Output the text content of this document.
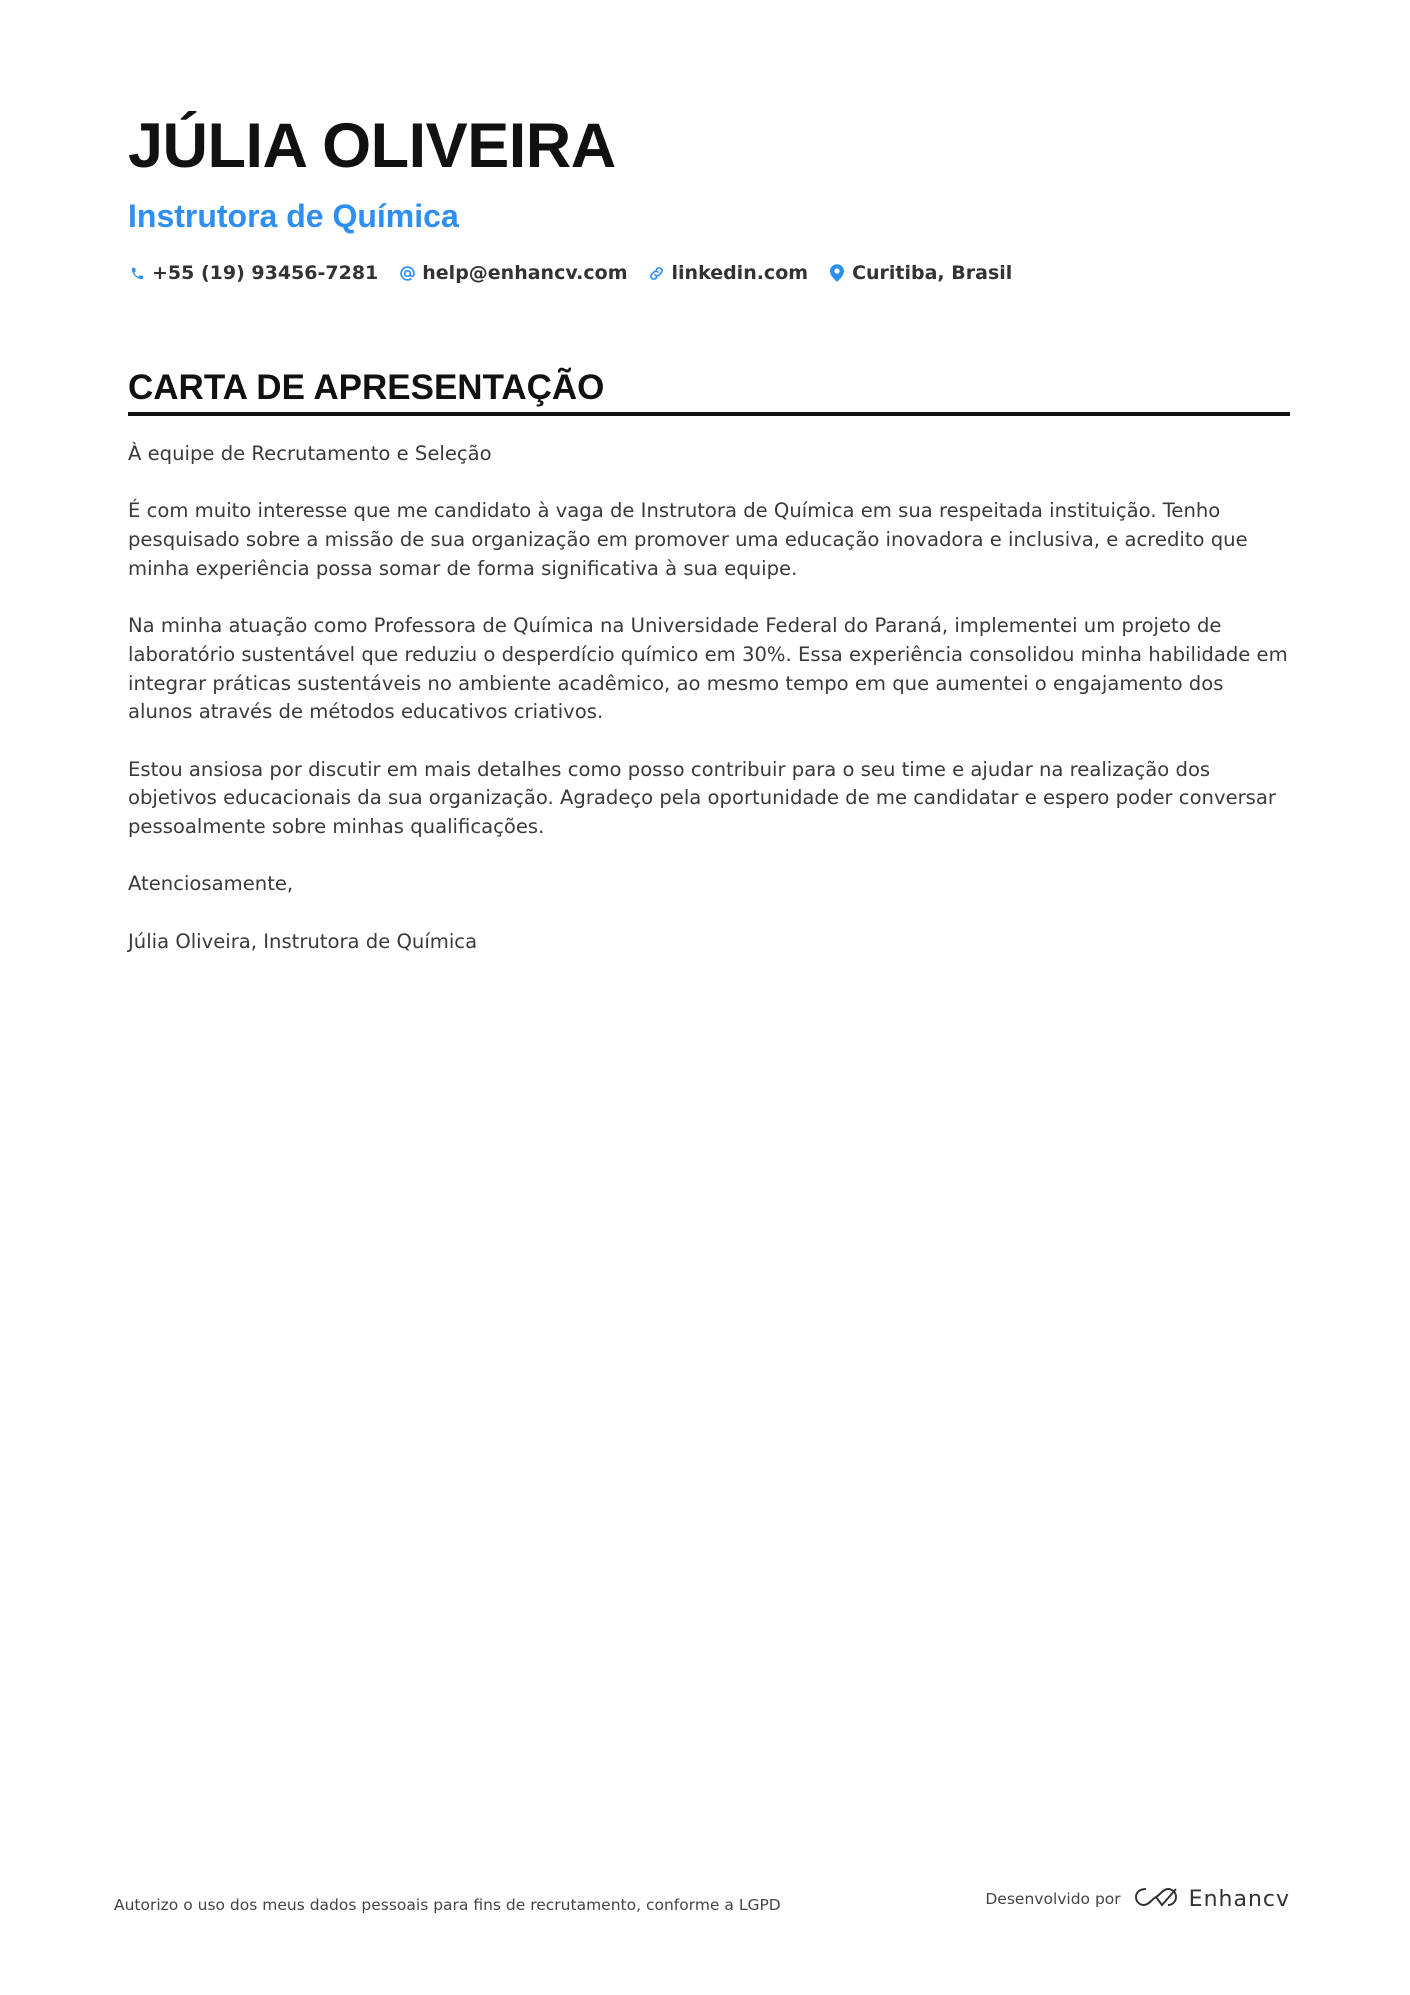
JÚLIA OLIVEIRA
Instrutora de Química
+55 (19) 93456-7281 help@enhancv.com linkedin.com Curitiba, Brasil
CARTA DE APRESENTAÇÃO

À equipe de Recrutamento e Seleção

É com muito interesse que me candidato à vaga de Instrutora de Química em sua respeitada instituição. Tenho pesquisado sobre a missão de sua organização em promover uma educação inovadora e inclusiva, e acredito que minha experiência possa somar de forma significativa à sua equipe.

Na minha atuação como Professora de Química na Universidade Federal do Paraná, implementei um projeto de laboratório sustentável que reduziu o desperdício químico em 30%. Essa experiência consolidou minha habilidade em integrar práticas sustentáveis no ambiente acadêmico, ao mesmo tempo em que aumentei o engajamento dos alunos através de métodos educativos criativos.

Estou ansiosa por discutir em mais detalhes como posso contribuir para o seu time e ajudar na realização dos objetivos educacionais da sua organização. Agradeço pela oportunidade de me candidatar e espero poder conversar pessoalmente sobre minhas qualificações.

Atenciosamente,

Júlia Oliveira, Instrutora de Química

Autorizo o uso dos meus dados pessoais para fins de recrutamento, conforme a LGPD	Desenvolvido por	Enhancv
